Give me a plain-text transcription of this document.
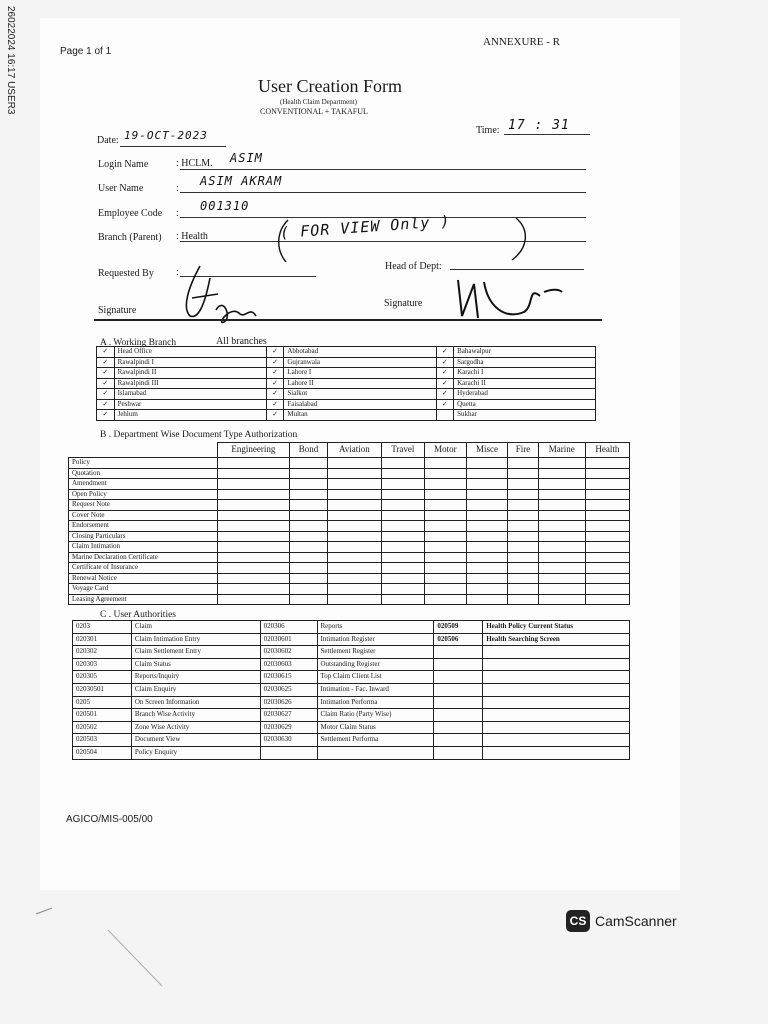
26022024 16:17 USER3	Page 1 of 1
ANNEXURE - R
User Creation Form
(Health Claim Department)
CONVENTIONAL + TAKAFUL
Date: 19-OCT-2023	Time: 17 : 31
Login Name	: HCLM. ASIM
User Name	:
ASIM AKRAM
Employee Code :
001310
Branch (Parent) : Health	( FOR VIEW Only )
Requested By :
Head of Dept:
Signature
Signature
A . Working Branch	All branches
✓	Head Office	✓	Abbotabad	✓	Bahawalpur
✓	Rawalpindi I	✓	Gujranwala	✓	Sargodha
✓	Rawalpindi II	✓	Lahore I	✓	Karachi I
✓	Rawalpindi III	✓	Lahore II	✓	Karachi II
✓	Islamabad	✓	Sialkot	✓	Hyderabad
✓	Peshwar	✓	Faisalabad	✓	Quetta
✓	Jehlum	✓	Multan		Sukhar
B . Department Wise Document Type Authorization
	Engineering	Bond	Aviation	Travel	Motor	Misce	Fire	Marine	Health
Policy									
Quotation									
Amendment									
Open Policy									
Request Note									
Cover Note									
Endorsement									
Closing Particulars									
Claim Intimation									
Marine Declaration Certificate									
Certificate of Insurance									
Renewal Notice									
Voyage Card									
Leasing Agreement									
C . User Authorities
0203	Claim	020306	Reports	020509	Health Policy Current Status
020301	Claim Intimation Entry	02030601	Intimation Register	020506	Health Searching Screen
020302	Claim Settlement Entry	02030602	Settlement Register		
020303	Claim Status	02030603	Outstanding Register		
020305	Reports/Inquiry	02030615	Top Claim Client List		
02030501	Claim Enquiry	02030625	Intimation - Fac. Inward		
0205	On Screen Information	02030626	Intimation Performa		
020501	Branch Wise Activity	02030627	Claim Ratio (Party Wise)		
020502	Zone Wise Activity	02030629	Motor Claim Status		
020503	Document View	02030630	Settlement Performa		
020504	Policy Enquiry				
AGICO/MIS-005/00
CS CamScanner
